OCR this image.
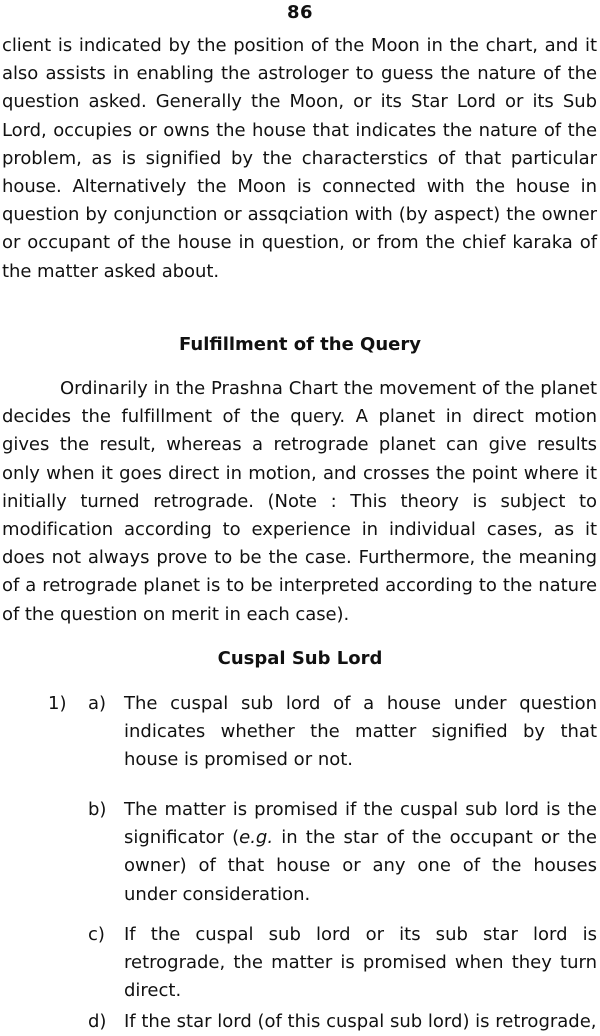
86
client is indicated by the position of the Moon in the chart, and it also assists in enabling the astrologer to guess the nature of the question asked. Generally the Moon, or its Star Lord or its Sub Lord, occupies or owns the house that indicates the nature of the problem, as is signified by the characterstics of that particular house. Alternatively the Moon is connected with the house in question by conjunction or assqciation with (by aspect) the owner or occupant of the house in question, or from the chief karaka of the matter asked about.
Fulfillment of the Query
Ordinarily in the Prashna Chart the movement of the planet decides the fulfillment of the query. A planet in direct motion gives the result, whereas a retrograde planet can give results only when it goes direct in motion, and crosses the point where it initially turned retrograde. (Note : This theory is subject to modification according to experience in individual cases, as it does not always prove to be the case. Furthermore, the meaning of a retrograde planet is to be interpreted according to the nature of the question on merit in each case).
Cuspal Sub Lord
1) a) The cuspal sub lord of a house under question indicates whether the matter signified by that house is promised or not.
b) The matter is promised if the cuspal sub lord is the significator (e.g. in the star of the occupant or the owner) of that house or any one of the houses under consideration.
c) If the cuspal sub lord or its sub star lord is retrograde, the matter is promised when they turn direct.
d) If the star lord (of this cuspal sub lord) is retrograde,
